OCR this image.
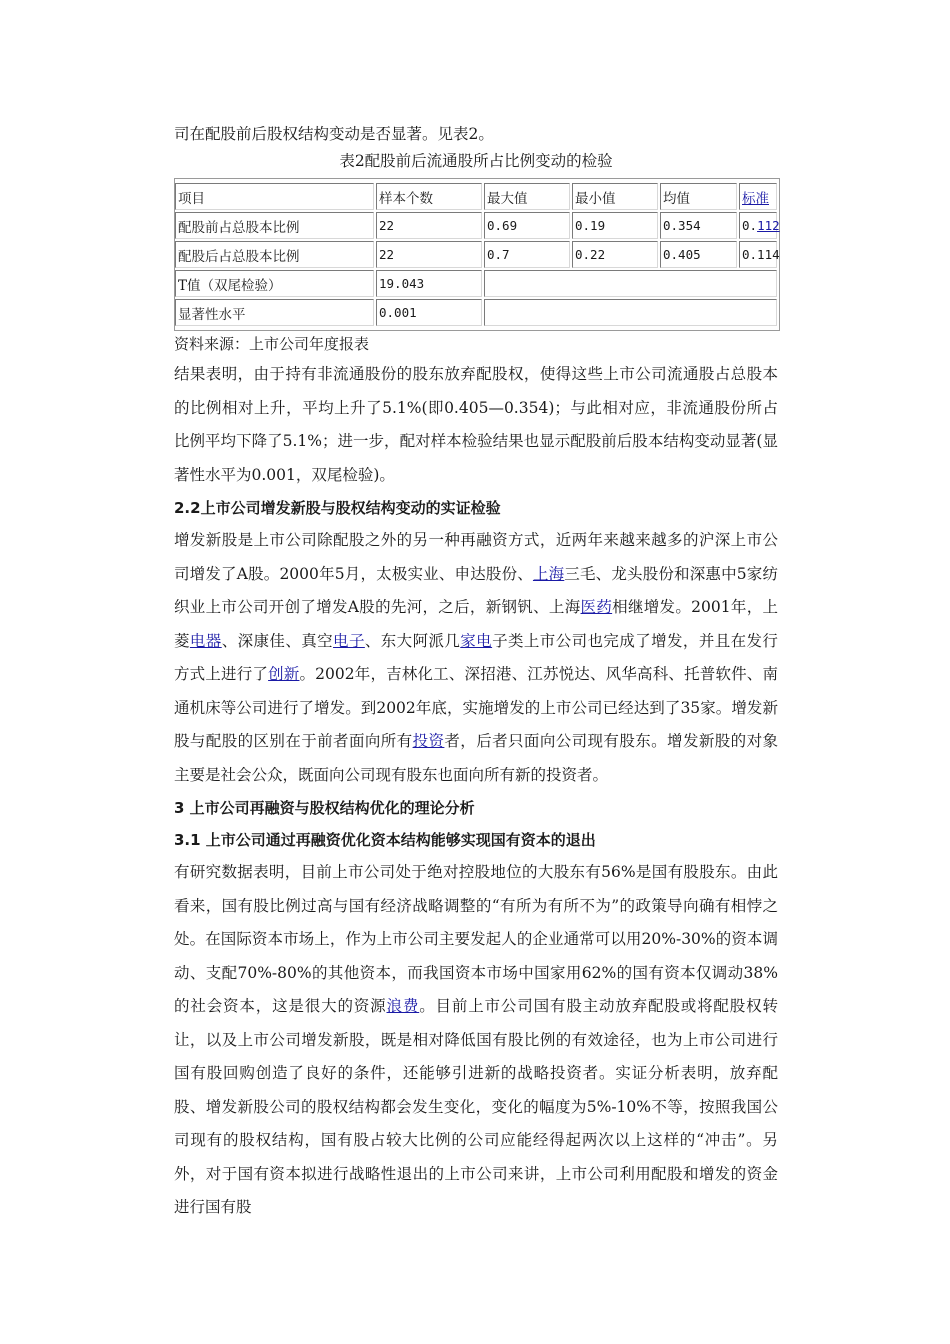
司在配股前后股权结构变动是否显著。见表2。

表2配股前后流通股所占比例变动的检验

项目	样本个数	最大值	最小值	均值	标准
配股前占总股本比例	22	0.69	0.19	0.354	0.112
配股后占总股本比例	22	0.7	0.22	0.405	0.114
T值（双尾检验）	19.043				
显著性水平	0.001				

资料来源：上市公司年度报表

结果表明，由于持有非流通股份的股东放弃配股权，使得这些上市公司流通股占总股本的比例相对上升，平均上升了5.1%(即0.405—0.354)；与此相对应，非流通股份所占比例平均下降了5.1%；进一步，配对样本检验结果也显示配股前后股本结构变动显著(显著性水平为0.001，双尾检验)。

2.2上市公司增发新股与股权结构变动的实证检验

增发新股是上市公司除配股之外的另一种再融资方式，近两年来越来越多的沪深上市公司增发了A股。2000年5月，太极实业、申达股份、上海三毛、龙头股份和深惠中5家纺织业上市公司开创了增发A股的先河，之后，新钢钒、上海医药相继增发。2001年，上菱电器、深康佳、真空电子、东大阿派几家电子类上市公司也完成了增发，并且在发行方式上进行了创新。2002年，吉林化工、深招港、江苏悦达、风华高科、托普软件、南通机床等公司进行了增发。到2002年底，实施增发的上市公司已经达到了35家。增发新股与配股的区别在于前者面向所有投资者，后者只面向公司现有股东。增发新股的对象主要是社会公众，既面向公司现有股东也面向所有新的投资者。

3 上市公司再融资与股权结构优化的理论分析

3.1 上市公司通过再融资优化资本结构能够实现国有资本的退出

有研究数据表明，目前上市公司处于绝对控股地位的大股东有56%是国有股股东。由此看来，国有股比例过高与国有经济战略调整的“有所为有所不为”的政策导向确有相悖之处。在国际资本市场上，作为上市公司主要发起人的企业通常可以用20%-30%的资本调动、支配70%-80%的其他资本，而我国资本市场中国家用62%的国有资本仅调动38%的社会资本，这是很大的资源浪费。目前上市公司国有股主动放弃配股或将配股权转让，以及上市公司增发新股，既是相对降低国有股比例的有效途径，也为上市公司进行国有股回购创造了良好的条件，还能够引进新的战略投资者。实证分析表明，放弃配股、增发新股公司的股权结构都会发生变化，变化的幅度为5%-10%不等，按照我国公司现有的股权结构，国有股占较大比例的公司应能经得起两次以上这样的“冲击”。另外，对于国有资本拟进行战略性退出的上市公司来讲，上市公司利用配股和增发的资金进行国有股
